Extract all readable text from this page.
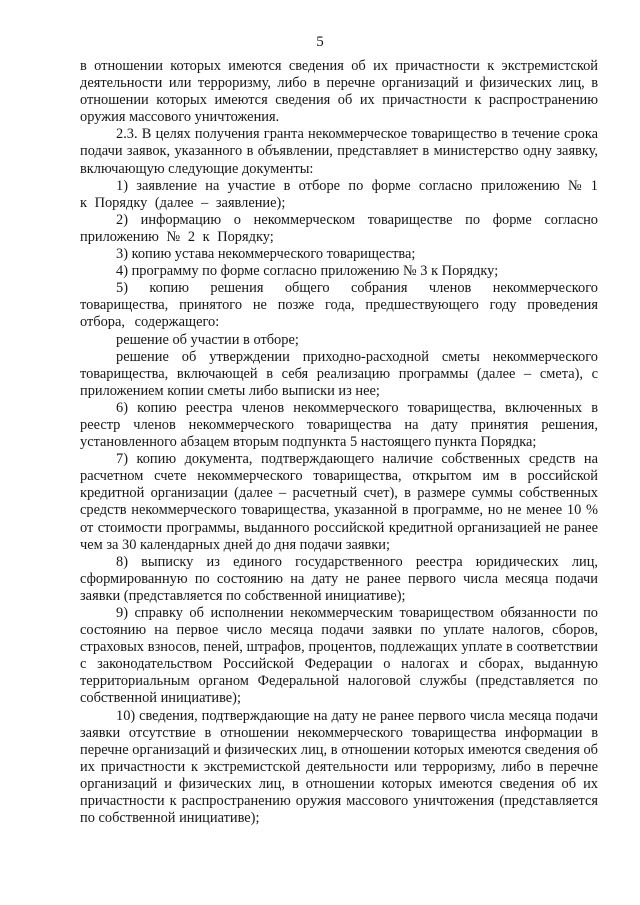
5

в отношении которых имеются сведения об их причастности к экстремистской деятельности или терроризму, либо в перечне организаций и физических лиц, в отношении которых имеются сведения об их причастности к распространению оружия массового уничтожения.

2.3. В целях получения гранта некоммерческое товарищество в течение срока подачи заявок, указанного в объявлении, представляет в министерство одну заявку, включающую следующие документы:

1) заявление на участие в отборе по форме согласно приложению № 1 к Порядку (далее – заявление);

2) информацию о некоммерческом товариществе по форме согласно приложению № 2 к Порядку;

3) копию устава некоммерческого товарищества;

4) программу по форме согласно приложению № 3 к Порядку;

5) копию решения общего собрания членов некоммерческого товарищества, принятого не позже года, предшествующего году проведения отбора, содержащего:

решение об участии в отборе;

решение об утверждении приходно-расходной сметы некоммерческого товарищества, включающей в себя реализацию программы (далее – смета), с приложением копии сметы либо выписки из нее;

6) копию реестра членов некоммерческого товарищества, включенных в реестр членов некоммерческого товарищества на дату принятия решения, установленного абзацем вторым подпункта 5 настоящего пункта Порядка;

7) копию документа, подтверждающего наличие собственных средств на расчетном счете некоммерческого товарищества, открытом им в российской кредитной организации (далее – расчетный счет), в размере суммы собственных средств некоммерческого товарищества, указанной в программе, но не менее 10 % от стоимости программы, выданного российской кредитной организацией не ранее чем за 30 календарных дней до дня подачи заявки;

8) выписку из единого государственного реестра юридических лиц, сформированную по состоянию на дату не ранее первого числа месяца подачи заявки (представляется по собственной инициативе);

9) справку об исполнении некоммерческим товариществом обязанности по состоянию на первое число месяца подачи заявки по уплате налогов, сборов, страховых взносов, пеней, штрафов, процентов, подлежащих уплате в соответствии с законодательством Российской Федерации о налогах и сборах, выданную территориальным органом Федеральной налоговой службы (представляется по собственной инициативе);

10) сведения, подтверждающие на дату не ранее первого числа месяца подачи заявки отсутствие в отношении некоммерческого товарищества информации в перечне организаций и физических лиц, в отношении которых имеются сведения об их причастности к экстремистской деятельности или терроризму, либо в перечне организаций и физических лиц, в отношении которых имеются сведения об их причастности к распространению оружия массового уничтожения (представляется по собственной инициативе);
